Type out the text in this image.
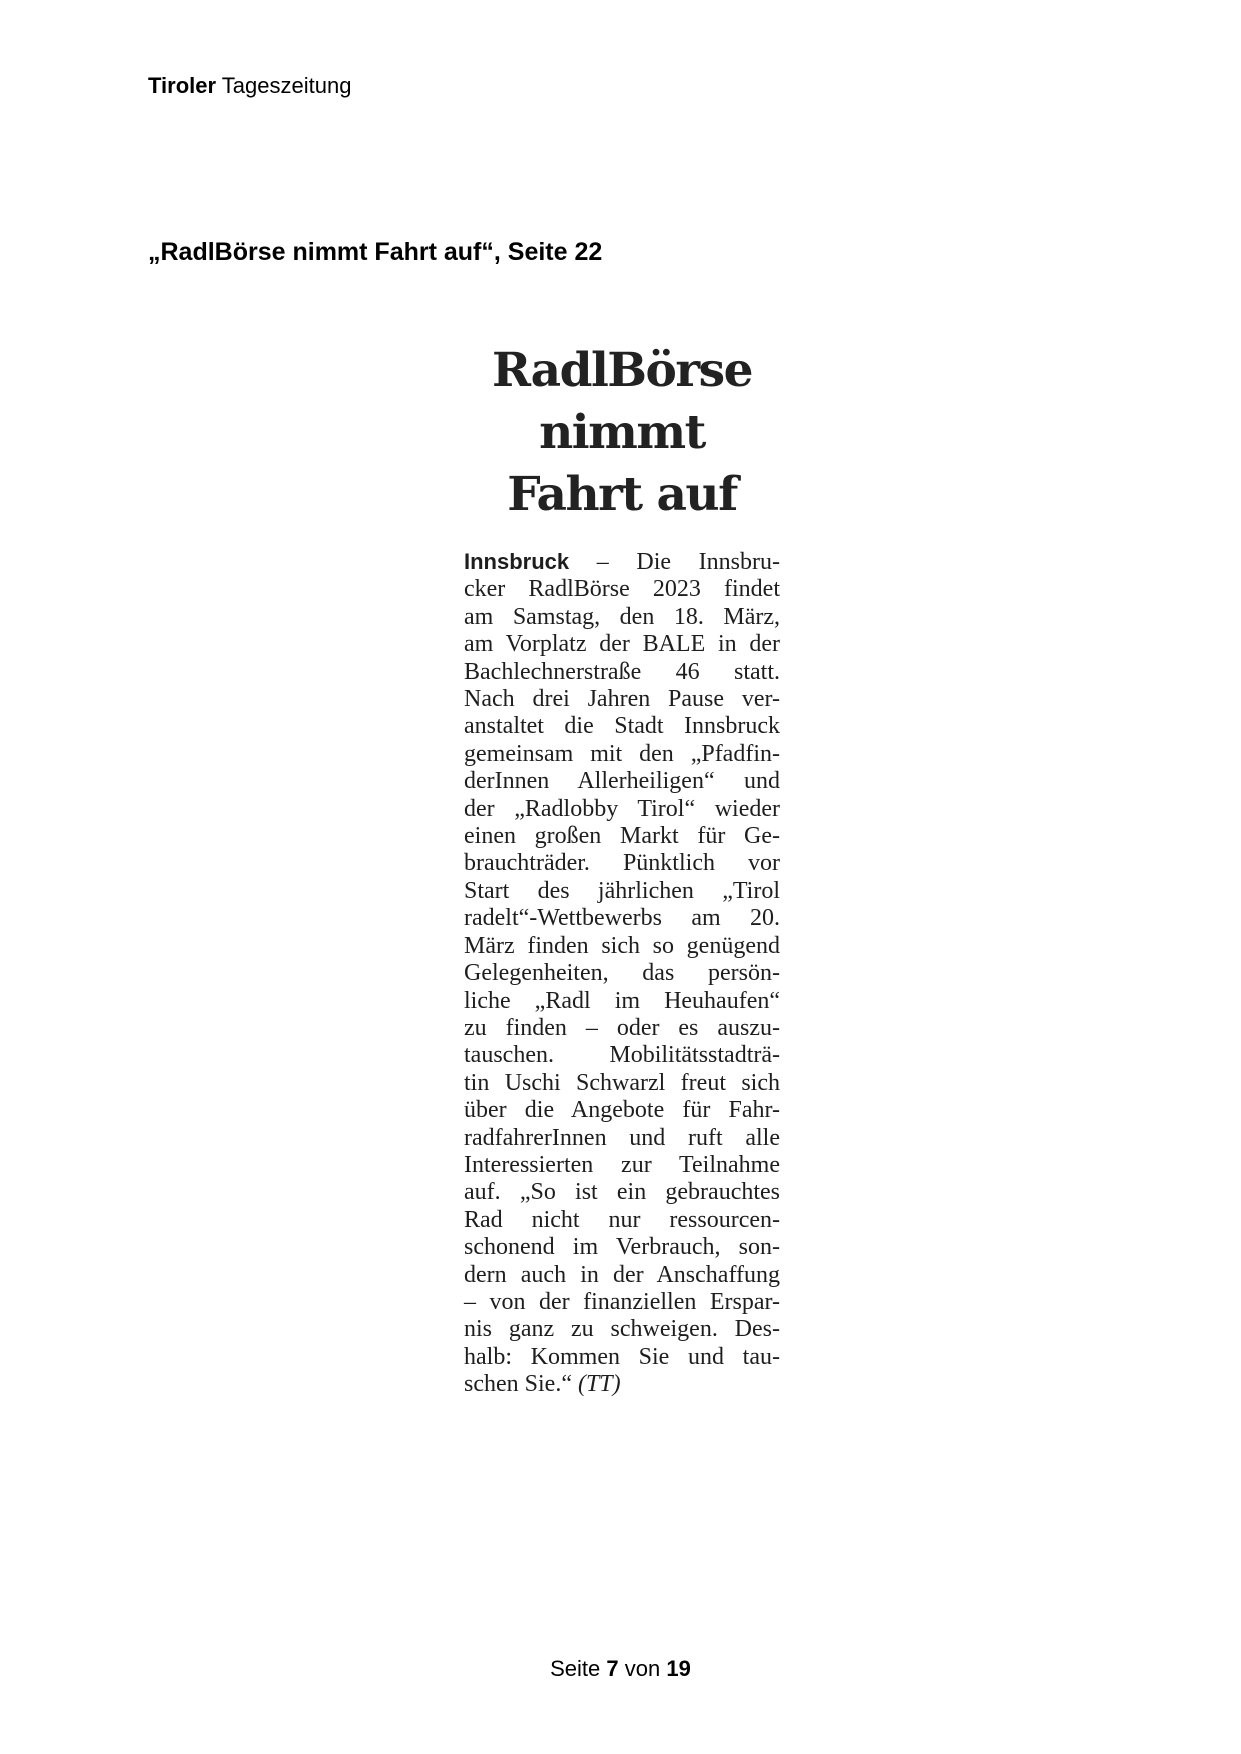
Tiroler Tageszeitung
„RadlBörse nimmt Fahrt auf“, Seite 22
RadlBörse
nimmt
Fahrt auf

Innsbruck – Die Innsbru-
cker RadlBörse 2023 findet
am Samstag, den 18. März,
am Vorplatz der BALE in der
Bachlechnerstraße 46 statt.
Nach drei Jahren Pause ver-
anstaltet die Stadt Innsbruck
gemeinsam mit den „Pfadfin-
derInnen Allerheiligen“ und
der „Radlobby Tirol“ wieder
einen großen Markt für Ge-
brauchträder. Pünktlich vor
Start des jährlichen „Tirol
radelt“-Wettbewerbs am 20.
März finden sich so genügend
Gelegenheiten, das persön-
liche „Radl im Heuhaufen“
zu finden – oder es auszu-
tauschen. Mobilitätsstadträ-
tin Uschi Schwarzl freut sich
über die Angebote für Fahr-
radfahrerInnen und ruft alle
Interessierten zur Teilnahme
auf. „So ist ein gebrauchtes
Rad nicht nur ressourcen-
schonend im Verbrauch, son-
dern auch in der Anschaffung
– von der finanziellen Erspar-
nis ganz zu schweigen. Des-
halb: Kommen Sie und tau-
schen Sie.“ (TT)

Seite 7 von 19
